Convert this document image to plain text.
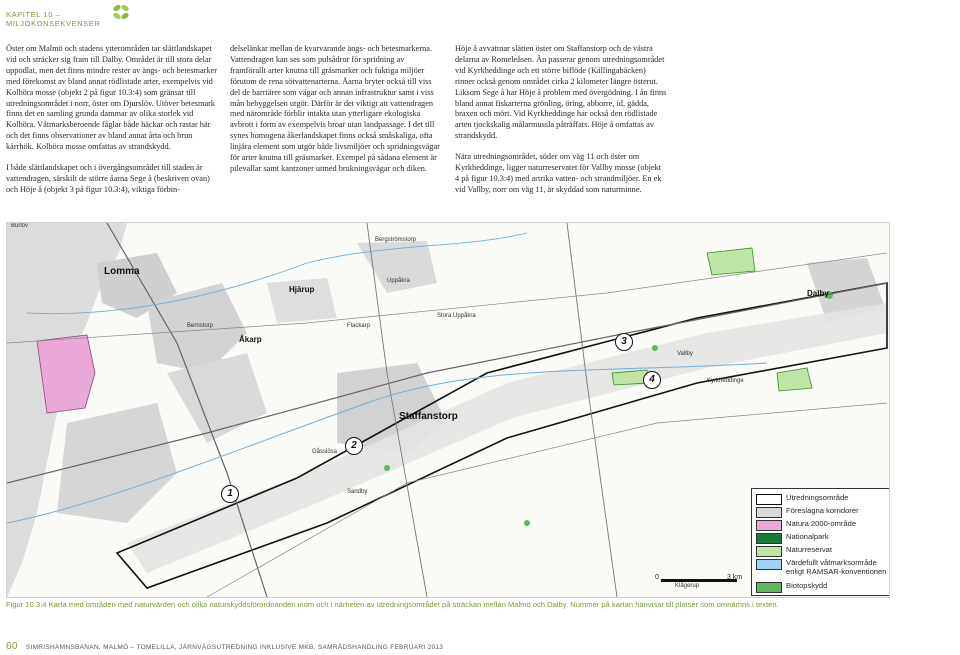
KAPITEL 10 – MILJÖKONSEKVENSER

Öster om Malmö och stadens ytterområden tar slättlandskapet vid och sträcker sig fram till Dalby. Området är till stora delar uppodlat, men det finns mindre rester av ängs- och betesmarker med förekomst av bland annat rödlistade arter, exempelvis vid Kolböra mosse (objekt 2 på figur 10.3:4) som gränsar till utredningsområdet i norr, öster om Djurslöv. Utöver betesmark finns det en samling grunda dammar av olika storlek vid Kolböra. Våtmarksberoende fåglar både häckar och rastar här och det finns observationer av bland annat årta och brun kärrhök. Kolböra mosse omfattas av strandskydd.

I både slättlandskapet och i övergångsområdet till staden är vattendragen, särskilt de större åarna Sege å (beskriven ovan) och Höje å (objekt 3 på figur 10.3:4), viktiga förbin-

delselänkar mellan de kvarvarande ängs- och betesmarkerna. Vattendragen kan ses som pulsådror för spridning av framförallt arter knutna till gräsmarker och fuktiga miljöer förutom de rena sötvattenarterna. Åarna bryter också till viss del de barriärer som vägar och annan infrastruktur samt i viss mån bebyggelsen utgör. Därför är det viktigt att vattendragen med närområde förblir intakta utan ytterligare ekologiska avbrott i form av exempelvis broar utan landpassage. I det till synes homogena åkerlandskapet finns också småskaliga, ofta linjära element som utgör både livsmiljöer och spridningsvägar för arter knutna till gräsmarker. Exempel på sådana element är pilevallar samt kantzoner utmed brukningsvägar och diken.

Höje å avvattnar slätten öster om Staffanstorp och de västra delarna av Romeleåsen. Än passerar genom utredningsområdet vid Kyrkheddinge och ett större biflöde (Källingabäcken) rinner också genom området cirka 2 kilometer längre österut. Liksom Sege å har Höje å problem med övergödning. I ån finns bland annat fiskarterna grönling, öring, abborre, id, gädda, braxen och mört. Vid Kyrkheddinge har också den rödlistade arten tjockskalig målarmussla påträffats. Höje å omfattas av strandskydd.

Nära utredningsområdet, söder om väg 11 och öster om Kyrkheddinge, ligger naturreservatet för Vallby mosse (objekt 4 på figur 10.3:4) med artrika vatten- och strandmiljöer. En ek vid Vallby, norr om väg 11, är skyddad som naturminne.

Lomma
Hjärup
Åkarp
Staffanstorp
Dalby
Bergströmstorp
Kyrkheddinge
Uppåkra
Sandby
Gåsslösa
Klågerup
Flackarp
Bernstorp
Vallby
Burlöv
Stora Uppåkra
1
2
3
4
0	3 km
Utredningsområde
Föreslagna korridorer
Natura 2000-område
Nationalpark
Naturreservat
Värdefullt våtmarksområde
enligt RAMSAR-konventionen
Biotopskydd
Figur 10.3:4 Karta med områden med naturvärden och olika naturskyddsförordnanden inom och i närheten av utredningsområdet på sträckan mellan Malmö och Dalby. Nummer på kartan hänvisar till platser som omnämns i texten.
60 SIMRISHAMNSBANAN, MALMÖ – TOMELILLA, JÄRNVÄGSUTREDNING INKLUSIVE MKB, SAMRÅDSHANDLING FEBRUARI 2013
